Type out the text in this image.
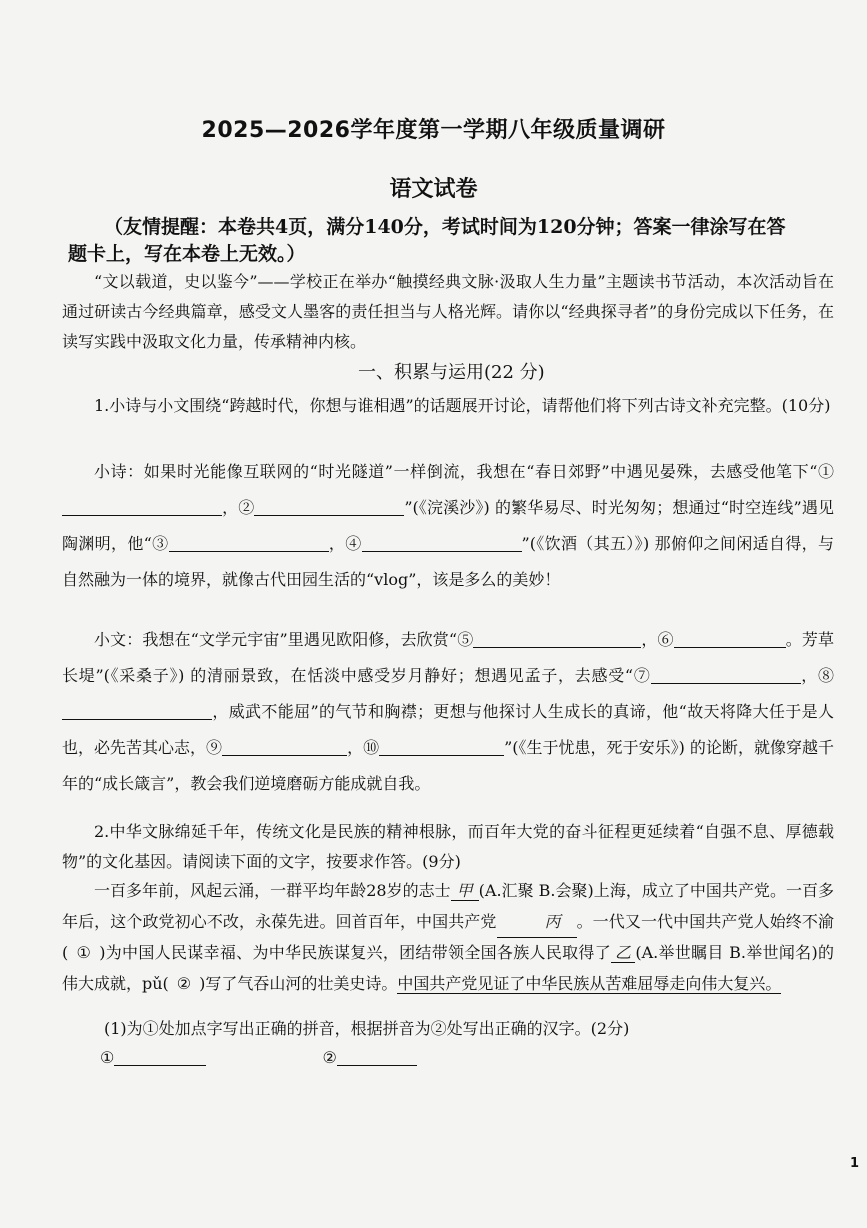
2025—2026学年度第一学期八年级质量调研
语文试卷
（友情提醒：本卷共4页，满分140分，考试时间为120分钟；答案一律涂写在答
题卡上，写在本卷上无效。）
“文以载道，史以鉴今”——学校正在举办“触摸经典文脉·汲取人生力量”主题读书节活动，本次活动旨在通过研读古今经典篇章，感受文人墨客的责任担当与人格光辉。请你以“经典探寻者”的身份完成以下任务，在读写实践中汲取文化力量，传承精神内核。
一、积累与运用(22 分)
1.小诗与小文围绕“跨越时代，你想与谁相遇”的话题展开讨论，请帮他们将下列古诗文补充完整。(10分)
小诗：如果时光能像互联网的“时光隧道”一样倒流，我想在“春日郊野”中遇见晏殊，去感受他笔下“①，②	”(《浣溪沙》) 的繁华易尽、时光匆匆；想通过“时空连线”遇见陶渊明，他“③	，④	”(《饮酒（其五）》) 那俯仰之间闲适自得，与自然融为一体的境界，就像古代田园生活的“vlog”，该是多么的美妙！
小文：我想在“文学元宇宙”里遇见欧阳修，去欣赏“⑤	，⑥	。芳草长堤”(《采桑子》) 的清丽景致，在恬淡中感受岁月静好；想遇见孟子，去感受“⑦	，⑧，威武不能屈”的气节和胸襟；更想与他探讨人生成长的真谛，他“故天将降大任于是人也，必先苦其心志，⑨	，⑩	”(《生于忧患，死于安乐》) 的论断，就像穿越千年的“成长箴言”，教会我们逆境磨砺方能成就自我。
2.中华文脉绵延千年，传统文化是民族的精神根脉，而百年大党的奋斗征程更延续着“自强不息、厚德载物”的文化基因。请阅读下面的文字，按要求作答。(9分)
一百多年前，风起云涌，一群平均年龄28岁的志士 甲 (A.汇聚 B.会聚)上海，成立了中国共产党。一百多年后，这个政党初心不改，永葆先进。回首百年，中国共产党	丙 。一代又一代中国共产党人始终不渝( ① )为中国人民谋幸福、为中华民族谋复兴，团结带领全国各族人民取得了 乙 (A.举世瞩目 B.举世闻名)的伟大成就，pǔ( ② )写了气吞山河的壮美史诗。中国共产党见证了中华民族从苦难屈辱走向伟大复兴。
(1)为①处加点字写出正确的拼音，根据拼音为②处写出正确的汉字。(2分)
①	②
1
